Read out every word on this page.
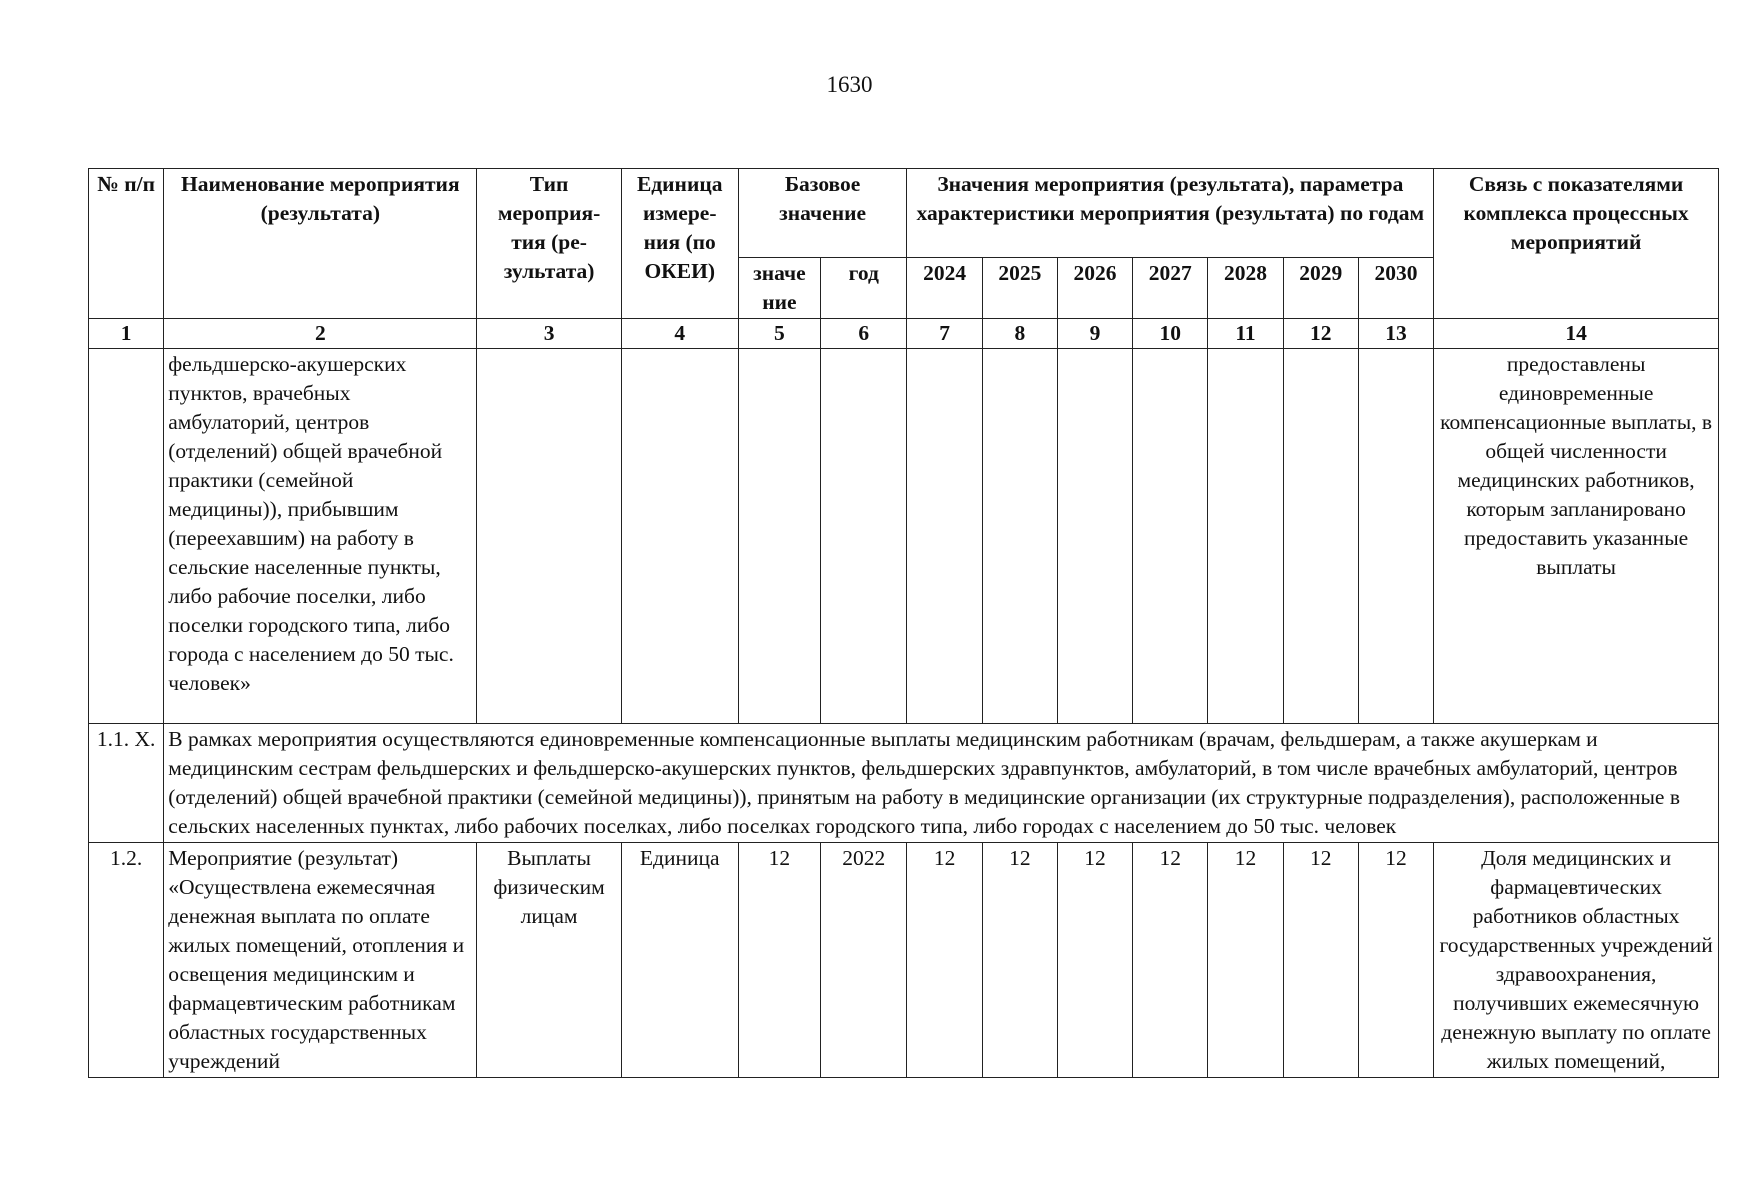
1630
№ п/п	Наименование мероприятия (результата)	Тип мероприя-тия (ре-зультата)	Единица измере-ния (по ОКЕИ)	Базовое значение		Значения мероприятия (результата), параметра характеристики мероприятия (результата) по годам							Связь с показателями комплекса процессных мероприятий
				значе ние	год	2024	2025	2026	2027	2028	2029	2030	
1	2	3	4	5	6	7	8	9	10	11	12	13	14
	фельдшерско-акушерских пунктов, врачебных амбулаторий, центров (отделений) общей врачебной практики (семейной медицины)), прибывшим (переехавшим) на работу в сельские населенные пункты, либо рабочие поселки, либо поселки городского типа, либо города с населением до 50 тыс. человек»												предоставлены единовременные компенсационные выплаты, в общей численности медицинских работников, которым запланировано предоставить указанные выплаты
1.1. Х.	В рамках мероприятия осуществляются единовременные компенсационные выплаты медицинским работникам (врачам, фельдшерам, а также акушеркам и медицинским сестрам фельдшерских и фельдшерско-акушерских пунктов, фельдшерских здравпунктов, амбулаторий, в том числе врачебных амбулаторий, центров (отделений) общей врачебной практики (семейной медицины)), принятым на работу в медицинские организации (их структурные подразделения), расположенные в сельских населенных пунктах, либо рабочих поселках, либо поселках городского типа, либо городах с населением до 50 тыс. человек												
1.2.	Мероприятие (результат) «Осуществлена ежемесячная денежная выплата по оплате жилых помещений, отопления и освещения медицинским и фармацевтическим работникам областных государственных учреждений	Выплаты физическим лицам	Единица	12	2022	12	12	12	12	12	12	12	Доля медицинских и фармацевтических работников областных государственных учреждений здравоохранения, получивших ежемесячную денежную выплату по оплате жилых помещений,
